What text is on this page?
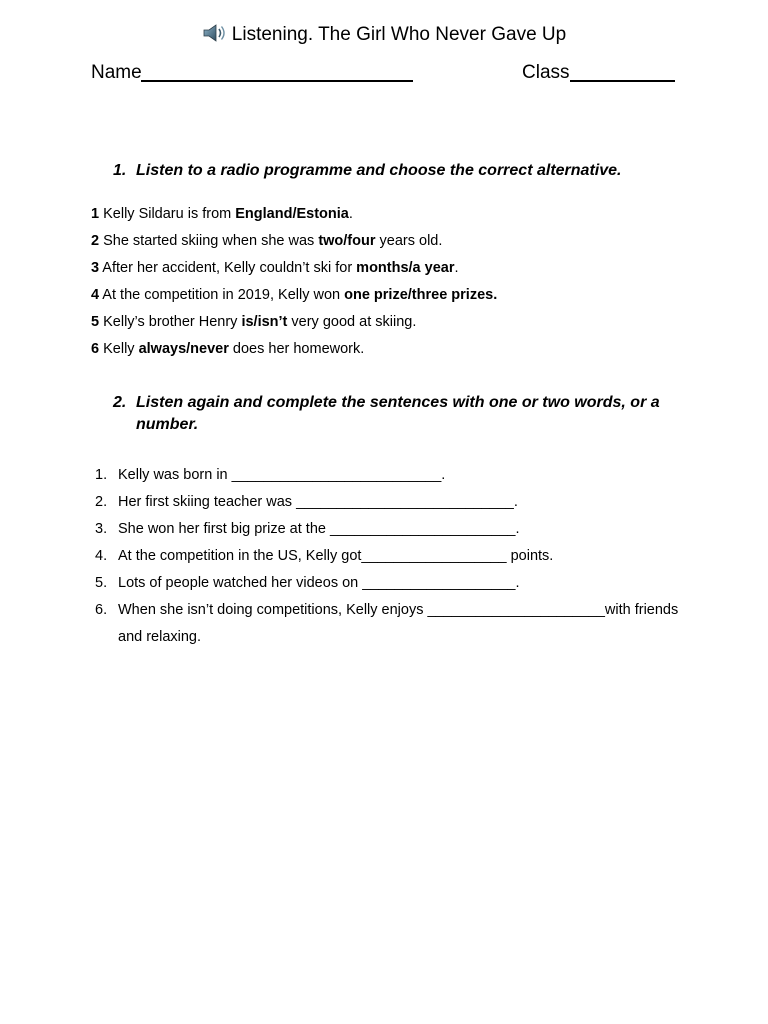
Listening. The Girl Who Never Gave Up
Name	Class
1. Listen to a radio programme and choose the correct alternative.
1 Kelly Sildaru is from England/Estonia.
2 She started skiing when she was two/four years old.
3 After her accident, Kelly couldn’t ski for months/a year.
4 At the competition in 2019, Kelly won one prize/three prizes.
5 Kelly’s brother Henry is/isn’t very good at skiing.
6 Kelly always/never does her homework.
2. Listen again and complete the sentences with one or two words, or a number.
1. Kelly was born in __________________________.
2. Her first skiing teacher was ___________________________.
3. She won her first big prize at the _______________________.
4. At the competition in the US, Kelly got__________________ points.
5. Lots of people watched her videos on ___________________.
6. When she isn’t doing competitions, Kelly enjoys ______________________with friends and relaxing.
